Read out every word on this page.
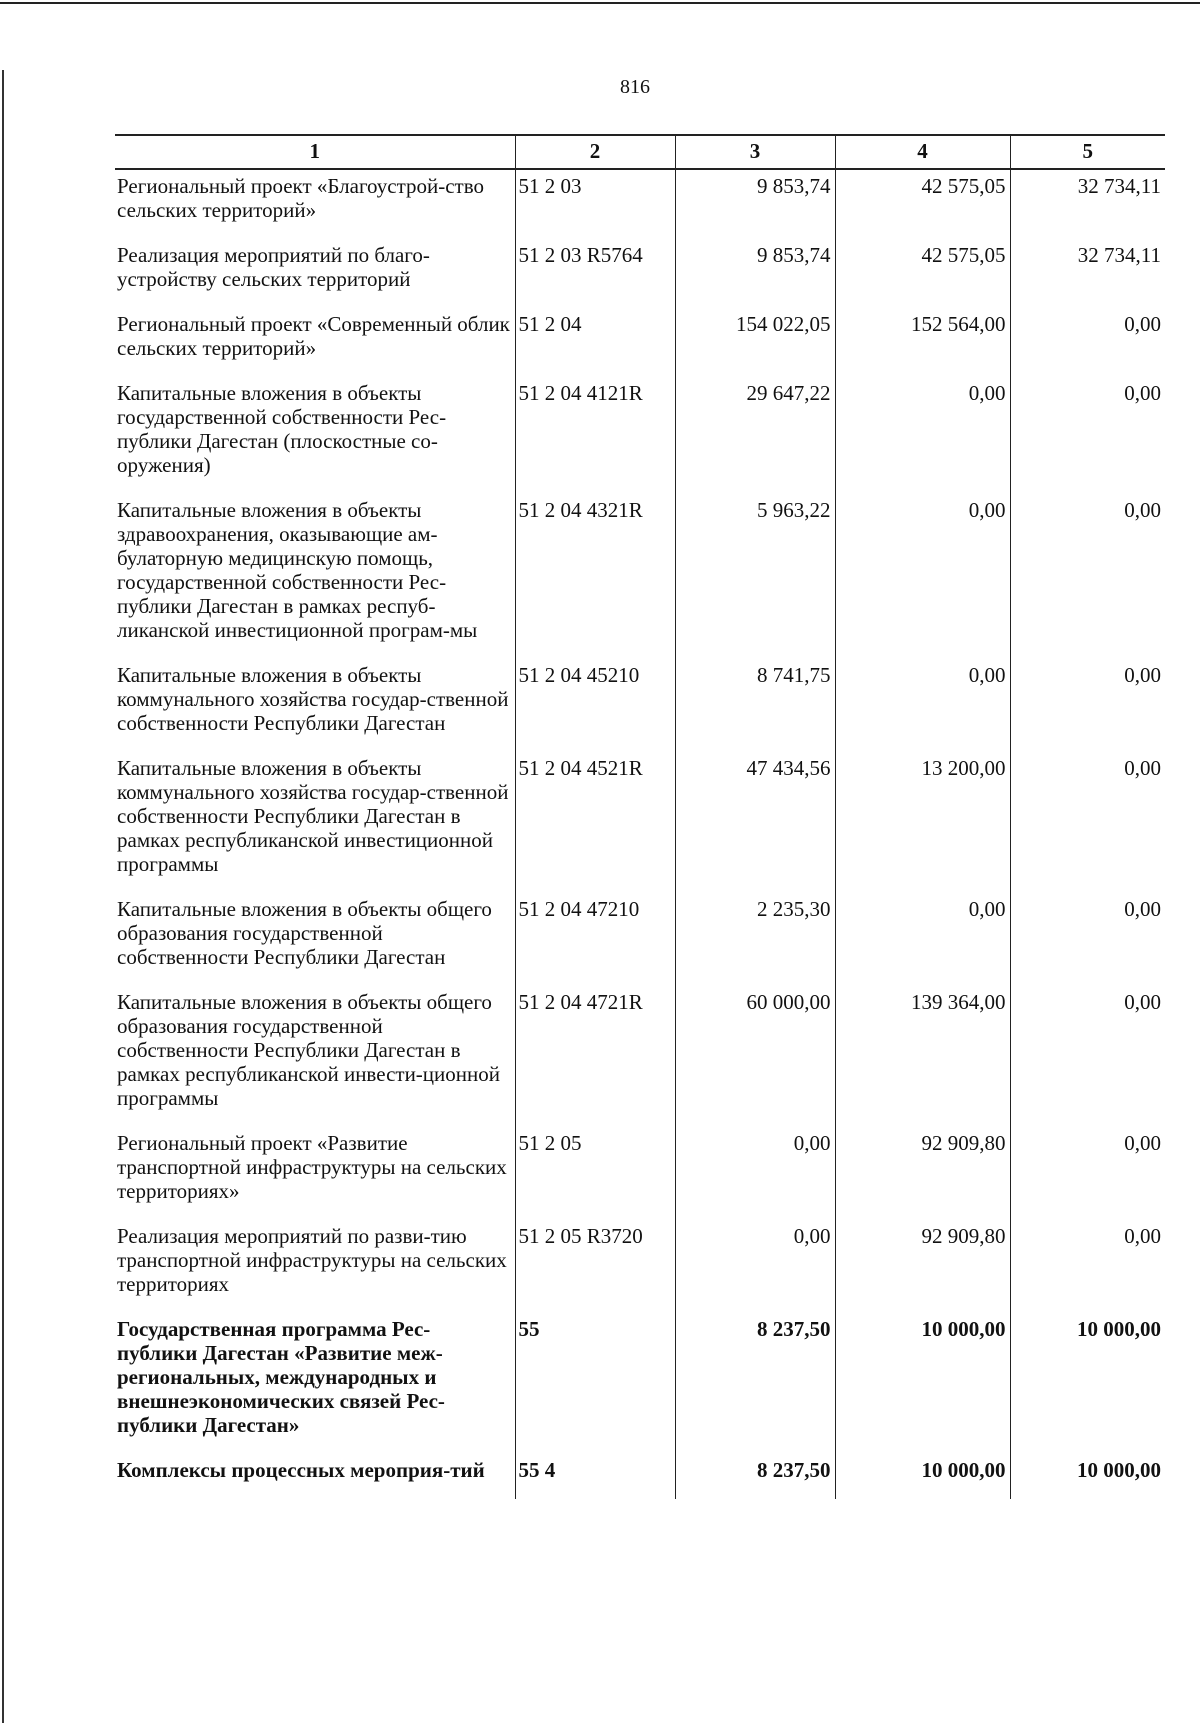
816
1	2	3	4	5
Региональный проект «Благоустрой-ство сельских территорий»	51 2 03	9 853,74	42 575,05	32 734,11
Реализация мероприятий по благо-устройству сельских территорий	51 2 03 R5764	9 853,74	42 575,05	32 734,11
Региональный проект «Современный облик сельских территорий»	51 2 04	154 022,05	152 564,00	0,00
Капитальные вложения в объекты государственной собственности Рес-публики Дагестан (плоскостные со-оружения)	51 2 04 4121R	29 647,22	0,00	0,00
Капитальные вложения в объекты здравоохранения, оказывающие ам-булаторную медицинскую помощь, государственной собственности Рес-публики Дагестан в рамках респуб-ликанской инвестиционной програм-мы	51 2 04 4321R	5 963,22	0,00	0,00
Капитальные вложения в объекты коммунального хозяйства государ-ственной собственности Республики Дагестан	51 2 04 45210	8 741,75	0,00	0,00
Капитальные вложения в объекты коммунального хозяйства государ-ственной собственности Республики Дагестан в рамках республиканской инвестиционной программы	51 2 04 4521R	47 434,56	13 200,00	0,00
Капитальные вложения в объекты общего образования государственной собственности Республики Дагестан	51 2 04 47210	2 235,30	0,00	0,00
Капитальные вложения в объекты общего образования государственной собственности Республики Дагестан в рамках республиканской инвести-ционной программы	51 2 04 4721R	60 000,00	139 364,00	0,00
Региональный проект «Развитие транспортной инфраструктуры на сельских территориях»	51 2 05	0,00	92 909,80	0,00
Реализация мероприятий по разви-тию транспортной инфраструктуры на сельских территориях	51 2 05 R3720	0,00	92 909,80	0,00
Государственная программа Рес-публики Дагестан «Развитие меж-региональных, международных и внешнеэкономических связей Рес-публики Дагестан»	55	8 237,50	10 000,00	10 000,00
Комплексы процессных мероприя-тий	55 4	8 237,50	10 000,00	10 000,00
